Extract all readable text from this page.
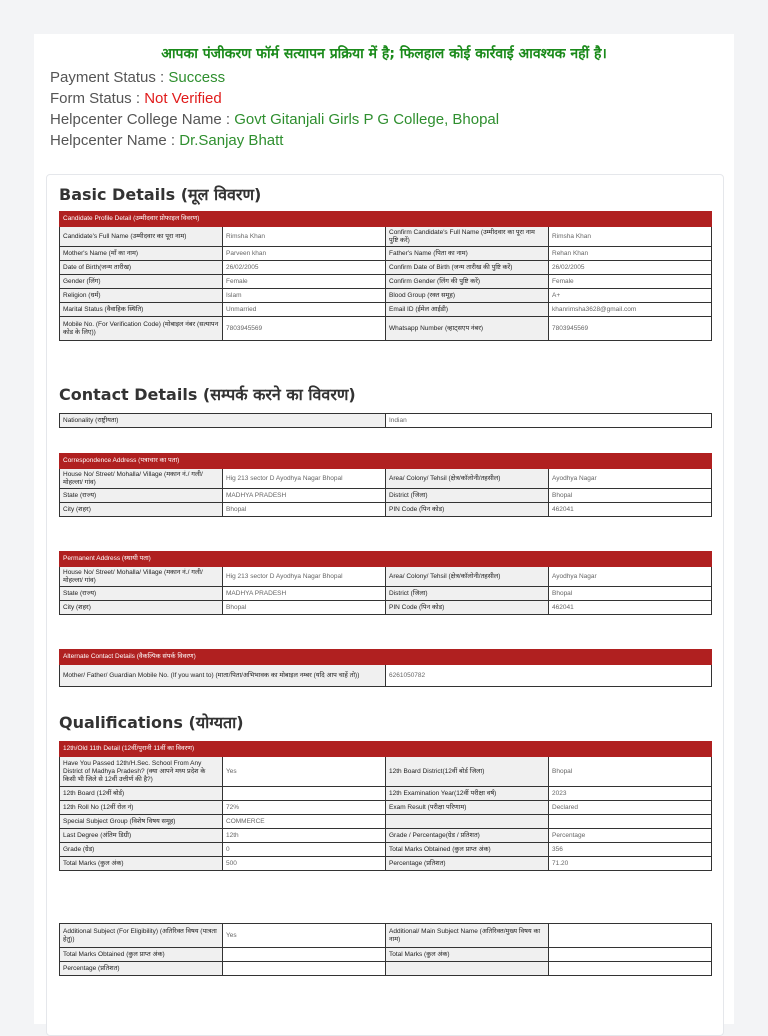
आपका पंजीकरण फॉर्म सत्यापन प्रक्रिया में है; फिलहाल कोई कार्रवाई आवश्यक नहीं है।
Payment Status : Success
Form Status : Not Verified
Helpcenter College Name : Govt Gitanjali Girls P G College, Bhopal
Helpcenter Name : Dr.Sanjay Bhatt
Basic Details (मूल विवरण)
Candidate Profile Detail (उम्मीदवार प्रोफाइल विवरण)			
Candidate's Full Name (उम्मीदवार का पूरा नाम)	Rimsha Khan	Confirm Candidate's Full Name (उम्मीदवार का पूरा नाम पुष्टि करें)	Rimsha Khan
Mother's Name (माँ का नाम)	Parveen khan	Father's Name (पिता का नाम)	Rehan Khan
Date of Birth(जन्म तारीख)	26/02/2005	Confirm Date of Birth (जन्म तारीख की पुष्टि करें)	26/02/2005
Gender (लिंग)	Female	Confirm Gender (लिंग की पुष्टि करें)	Female
Religion (धर्म)	Islam	Blood Group (रक्त समूह)	A+
Marital Status (वैवाहिक स्थिति)	Unmarried	Email ID (ईमेल आईडी)	khanrimsha3628@gmail.com
Mobile No. (For Verification Code) (मोबाइल नंबर (सत्यापन कोड के लिए))	7803945569	Whatsapp Number (व्हाट्सएप नंबर)	7803945569
Contact Details (सम्पर्क करने का विवरण)
Nationality (राष्ट्रीयता)	Indian
Correspondence Address (पत्राचार का पता)			
House No/ Street/ Mohalla/ Village (मकान नं./ गली/ मोहल्ला/ गांव)	Hig 213 sector D Ayodhya Nagar Bhopal	Area/ Colony/ Tehsil (क्षेत्र/कॉलोनी/तहसील)	Ayodhya Nagar
State (राज्य)	MADHYA PRADESH	District (जिला)	Bhopal
City (शहर)	Bhopal	PIN Code (पिन कोड)	462041
Permanent Address (स्थायी पता)			
House No/ Street/ Mohalla/ Village (मकान नं./ गली/ मोहल्ला/ गांव)	Hig 213 sector D Ayodhya Nagar Bhopal	Area/ Colony/ Tehsil (क्षेत्र/कॉलोनी/तहसील)	Ayodhya Nagar
State (राज्य)	MADHYA PRADESH	District (जिला)	Bhopal
City (शहर)	Bhopal	PIN Code (पिन कोड)	462041
Alternate Contact Details (वैकल्पिक संपर्क विवरण)
Mother/ Father/ Guardian Mobile No. (If you want to) (माता/पिता/अभिभावक का मोबाइल नम्बर (यदि आप चाहें तो))	6261050782
Qualifications (योग्यता)
12th/Old 11th Detail (12वीं/पुरानी 11वीं का विवरण)			
Have You Passed 12th/H.Sec. School From Any District of Madhya Pradesh? (क्या आपने मध्य प्रदेश के किसी भी जिले से 12वीं उत्तीर्ण की है?)	Yes	12th Board District(12वीं बोर्ड जिला)	Bhopal
12th Board (12वीं बोर्ड)		12th Examination Year(12वीं परीक्षा वर्ष)	2023
12th Roll No (12वीं रोल नं)	72%	Exam Result (परीक्षा परिणाम)	Declared
Special Subject Group (विशेष विषय समूह)	COMMERCE		
Last Degree (अंतिम डिग्री)	12th	Grade / Percentage(ग्रेड / प्रतिशत)	Percentage
Grade (ग्रेड)	0	Total Marks Obtained (कुल प्राप्त अंक)	356
Total Marks (कुल अंक)	500	Percentage (प्रतिशत)	71.20
Additional Subject (For Eligibility) (अतिरिक्त विषय (पात्रता हेतु))	Yes	Additional/ Main Subject Name (अतिरिक्त/मुख्य विषय का नाम)	
Total Marks Obtained (कुल प्राप्त अंक)		Total Marks (कुल अंक)	
Percentage (प्रतिशत)			
